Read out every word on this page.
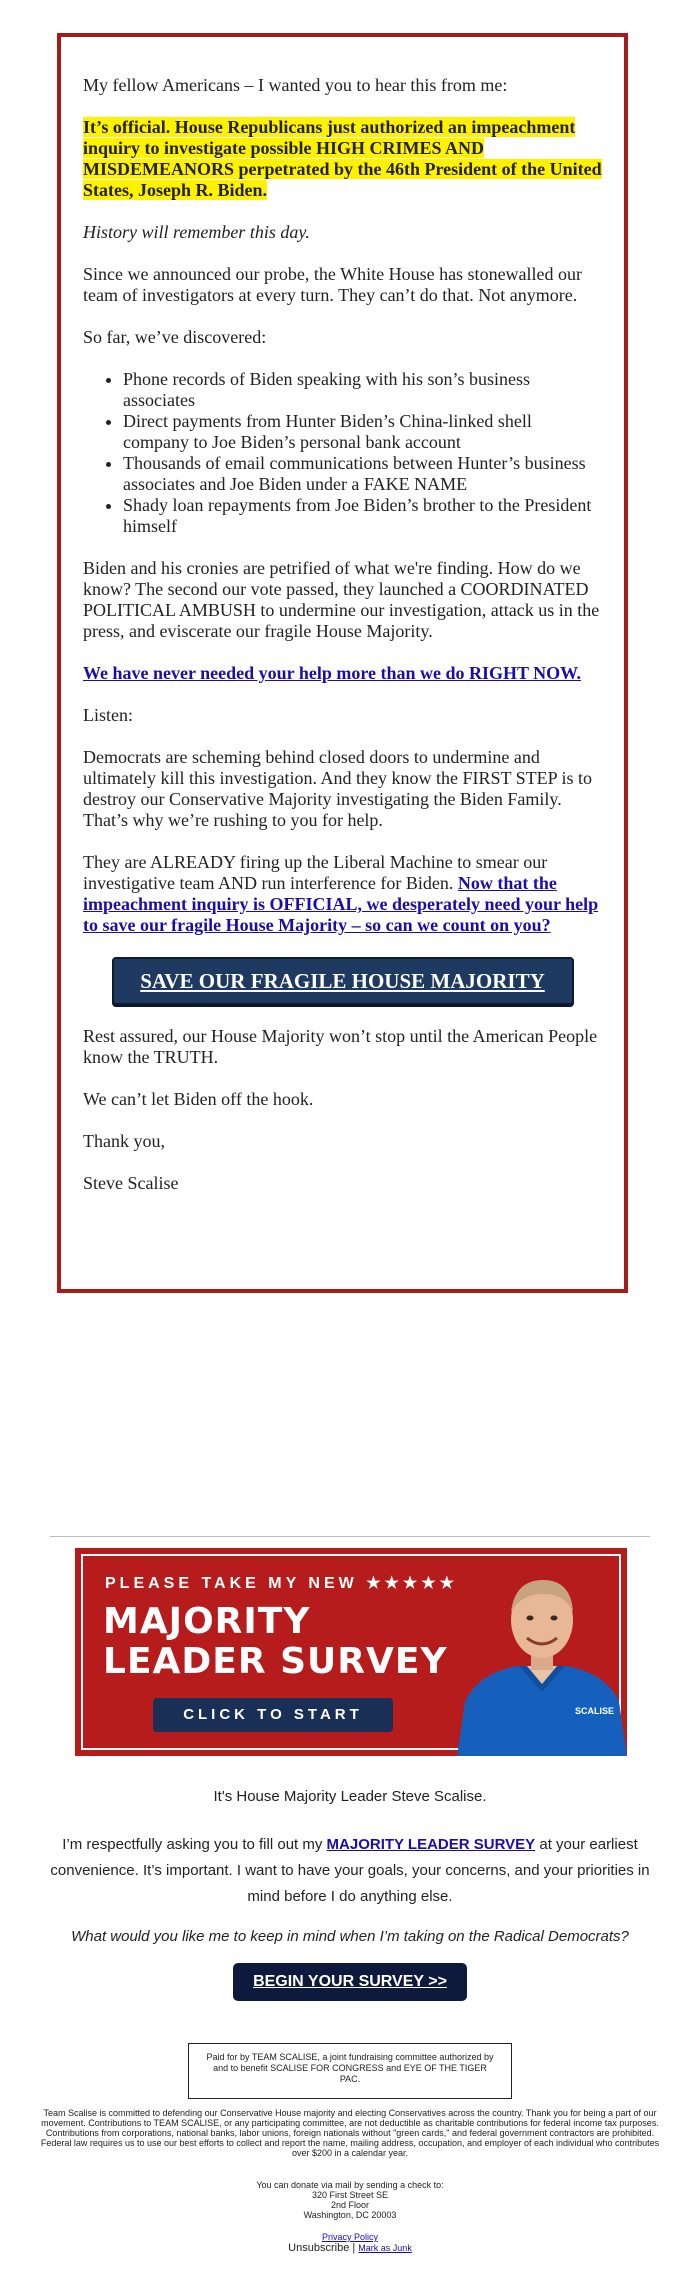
My fellow Americans – I wanted you to hear this from me:

It’s official. House Republicans just authorized an impeachment inquiry to investigate possible HIGH CRIMES AND MISDEMEANORS perpetrated by the 46th President of the United States, Joseph R. Biden.

History will remember this day.

Since we announced our probe, the White House has stonewalled our team of investigators at every turn. They can’t do that. Not anymore.

So far, we’ve discovered:

• Phone records of Biden speaking with his son’s business associates
• Direct payments from Hunter Biden’s China-linked shell company to Joe Biden’s personal bank account
• Thousands of email communications between Hunter’s business associates and Joe Biden under a FAKE NAME
• Shady loan repayments from Joe Biden’s brother to the President himself

Biden and his cronies are petrified of what we're finding. How do we know? The second our vote passed, they launched a COORDINATED POLITICAL AMBUSH to undermine our investigation, attack us in the press, and eviscerate our fragile House Majority.

We have never needed your help more than we do RIGHT NOW.

Listen:

Democrats are scheming behind closed doors to undermine and ultimately kill this investigation. And they know the FIRST STEP is to destroy our Conservative Majority investigating the Biden Family. That’s why we’re rushing to you for help.

They are ALREADY firing up the Liberal Machine to smear our investigative team AND run interference for Biden. Now that the impeachment inquiry is OFFICIAL, we desperately need your help to save our fragile House Majority – so can we count on you?

SAVE OUR FRAGILE HOUSE MAJORITY

Rest assured, our House Majority won’t stop until the American People know the TRUTH.

We can’t let Biden off the hook.

Thank you,

Steve Scalise

PLEASE TAKE MY NEW ★★★★★
MAJORITY
LEADER SURVEY
CLICK TO START	SCALISE
It's House Majority Leader Steve Scalise.
I’m respectfully asking you to fill out my MAJORITY LEADER SURVEY at your earliest convenience. It’s important. I want to have your goals, your concerns, and your priorities in mind before I do anything else.
What would you like me to keep in mind when I’m taking on the Radical Democrats?
BEGIN YOUR SURVEY >>
Paid for by TEAM SCALISE, a joint fundraising committee authorized by and to benefit SCALISE FOR CONGRESS and EYE OF THE TIGER PAC.
Team Scalise is committed to defending our Conservative House majority and electing Conservatives across the country. Thank you for being a part of our movement. Contributions to TEAM SCALISE, or any participating committee, are not deductible as charitable contributions for federal income tax purposes. Contributions from corporations, national banks, labor unions, foreign nationals without "green cards," and federal government contractors are prohibited. Federal law requires us to use our best efforts to collect and report the name, mailing address, occupation, and employer of each individual who contributes over $200 in a calendar year.
You can donate via mail by sending a check to:
320 First Street SE
2nd Floor
Washington, DC 20003
Privacy Policy
Unsubscribe | Mark as Junk
